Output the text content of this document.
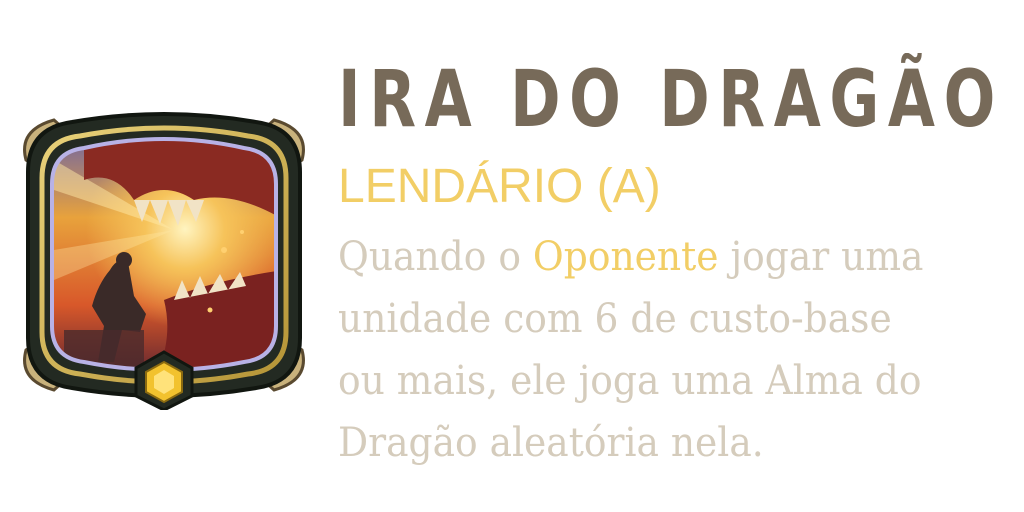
IRA DO DRAGÃO
LENDÁRIO (A)
Quando o Oponente jogar uma
unidade com 6 de custo-base
ou mais, ele joga uma Alma do
Dragão aleatória nela.
